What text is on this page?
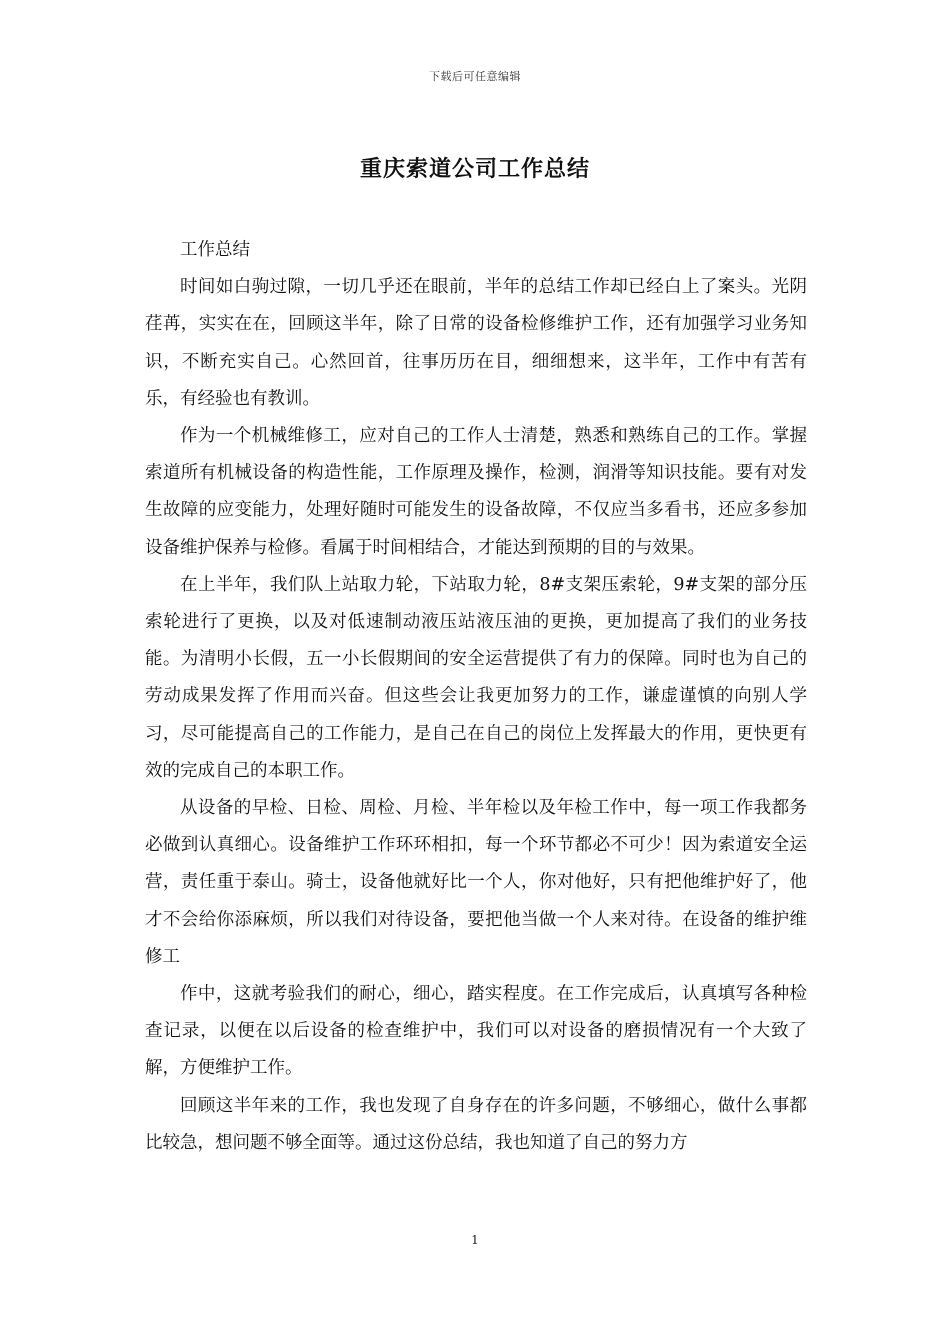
下载后可任意编辑
重庆索道公司工作总结

工作总结

时间如白驹过隙，一切几乎还在眼前，半年的总结工作却已经白上了案头。光阴荏苒，实实在在，回顾这半年，除了日常的设备检修维护工作，还有加强学习业务知识，不断充实自己。心然回首，往事历历在目，细细想来，这半年，工作中有苦有乐，有经验也有教训。

作为一个机械维修工，应对自己的工作人士清楚，熟悉和熟练自己的工作。掌握索道所有机械设备的构造性能，工作原理及操作，检测，润滑等知识技能。要有对发生故障的应变能力，处理好随时可能发生的设备故障，不仅应当多看书，还应多参加设备维护保养与检修。看属于时间相结合，才能达到预期的目的与效果。

在上半年，我们队上站取力轮，下站取力轮，8#支架压索轮，9#支架的部分压索轮进行了更换，以及对低速制动液压站液压油的更换，更加提高了我们的业务技能。为清明小长假，五一小长假期间的安全运营提供了有力的保障。同时也为自己的劳动成果发挥了作用而兴奋。但这些会让我更加努力的工作，谦虚谨慎的向别人学习，尽可能提高自己的工作能力，是自己在自己的岗位上发挥最大的作用，更快更有效的完成自己的本职工作。

从设备的早检、日检、周检、月检、半年检以及年检工作中，每一项工作我都务必做到认真细心。设备维护工作环环相扣，每一个环节都必不可少！因为索道安全运营，责任重于泰山。骑士，设备他就好比一个人，你对他好，只有把他维护好了，他才不会给你添麻烦，所以我们对待设备，要把他当做一个人来对待。在设备的维护维修工

作中，这就考验我们的耐心，细心，踏实程度。在工作完成后，认真填写各种检查记录，以便在以后设备的检查维护中，我们可以对设备的磨损情况有一个大致了解，方便维护工作。

回顾这半年来的工作，我也发现了自身存在的许多问题，不够细心，做什么事都比较急，想问题不够全面等。通过这份总结，我也知道了自己的努力方

1
